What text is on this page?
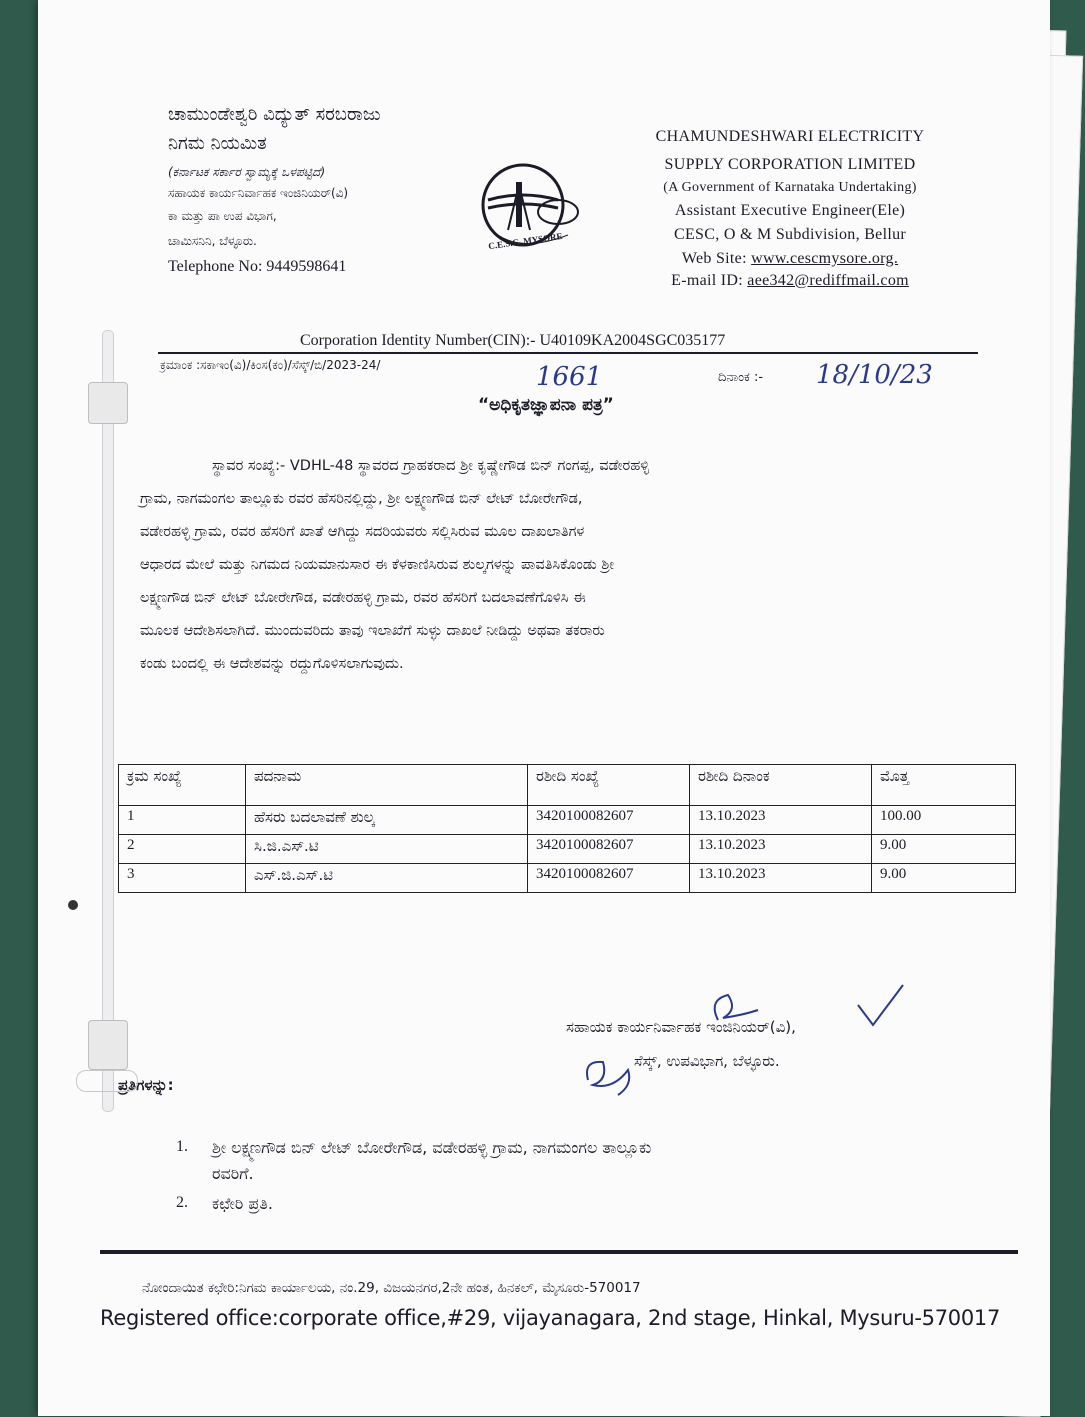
ಚಾಮುಂಡೇಶ್ವರಿ ವಿದ್ಯುತ್ ಸರಬರಾಜು
ನಿಗಮ ನಿಯಮಿತ
(ಕರ್ನಾಟಕ ಸರ್ಕಾರ ಸ್ವಾಮ್ಯಕ್ಕೆ ಒಳಪಟ್ಟಿದೆ)
ಸಹಾಯಕ ಕಾರ್ಯನಿರ್ವಾಹಕ ಇಂಜಿನಿಯರ್(ವಿ)
ಕಾ ಮತ್ತು ಪಾ ಉಪ ವಿಭಾಗ,
ಚಾಮಿಸನಿನಿ, ಬೆಳ್ಳೂರು.
Telephone No: 9449598641
C.E.S.C. MYSORE
CHAMUNDESHWARI ELECTRICITY
SUPPLY CORPORATION LIMITED
(A Government of Karnataka Undertaking)
Assistant Executive Engineer(Ele)
CESC, O & M Subdivision, Bellur
Web Site: www.cescmysore.org.
E-mail ID: aee342@rediffmail.com
Corporation Identity Number(CIN):- U40109KA2004SGC035177
ಕ್ರಮಾಂಕ :ಸಕಾಇಂ(ವಿ)/ಕಿಂಸ(ಕಂ)/ಸೆಸ್ಕ್/ಬಿ/2023-24/	1661	ದಿನಾಂಕ :- 18/10/23
“ಅಧಿಕೃತಜ್ಞಾಪನಾ ಪತ್ರ”
ಸ್ಥಾವರ ಸಂಖ್ಯೆ:- VDHL-48 ಸ್ಥಾವರದ ಗ್ರಾಹಕರಾದ ಶ್ರೀ ಕೃಷ್ಣೇಗೌಡ ಬಿನ್ ಗಂಗಪ್ಪ, ವಡೇರಹಳ್ಳಿ
ಗ್ರಾಮ, ನಾಗಮಂಗಲ ತಾಲ್ಲೂಕು ರವರ ಹೆಸರಿನಲ್ಲಿದ್ದು, ಶ್ರೀ ಲಕ್ಷ್ಮಣಗೌಡ ಬಿನ್ ಲೇಟ್ ಬೋರೇಗೌಡ,
ವಡೇರಹಳ್ಳಿ ಗ್ರಾಮ, ರವರ ಹೆಸರಿಗೆ ಖಾತೆ ಆಗಿದ್ದು ಸದರಿಯವರು ಸಲ್ಲಿಸಿರುವ ಮೂಲ ದಾಖಲಾತಿಗಳ
ಆಧಾರದ ಮೇಲೆ ಮತ್ತು ನಿಗಮದ ನಿಯಮಾನುಸಾರ ಈ ಕೆಳಕಾಣಿಸಿರುವ ಶುಲ್ಕಗಳನ್ನು ಪಾವತಿಸಿಕೊಂಡು ಶ್ರೀ
ಲಕ್ಷ್ಮಣಗೌಡ ಬಿನ್ ಲೇಟ್ ಬೋರೇಗೌಡ, ವಡೇರಹಳ್ಳಿ ಗ್ರಾಮ, ರವರ ಹೆಸರಿಗೆ ಬದಲಾವಣೆಗೊಳಿಸಿ ಈ
ಮೂಲಕ ಆದೇಶಿಸಲಾಗಿದೆ. ಮುಂದುವರಿದು ತಾವು ಇಲಾಖೆಗೆ ಸುಳ್ಳು ದಾಖಲೆ ನೀಡಿದ್ದು ಅಥವಾ ತಕರಾರು
ಕಂಡು ಬಂದಲ್ಲಿ ಈ ಆದೇಶವನ್ನು ರದ್ದುಗೊಳಿಸಲಾಗುವುದು.
ಕ್ರಮ ಸಂಖ್ಯೆ	ಪದನಾಮ	ರಶೀದಿ ಸಂಖ್ಯೆ	ರಶೀದಿ ದಿನಾಂಕ	ಮೊತ್ತ
1	ಹೆಸರು ಬದಲಾವಣೆ ಶುಲ್ಕ	3420100082607	13.10.2023	100.00
2	ಸಿ.ಜಿ.ಎಸ್.ಟಿ	3420100082607	13.10.2023	9.00
3	ಎಸ್.ಜಿ.ಎಸ್.ಟಿ	3420100082607	13.10.2023	9.00
ಸಹಾಯಕ ಕಾರ್ಯನಿರ್ವಾಹಕ ಇಂಜಿನಿಯರ್(ವಿ),
ಸೆಸ್ಕ್, ಉಪವಿಭಾಗ, ಬೆಳ್ಳೂರು.
ಪ್ರತಿಗಳನ್ನು:
1.	ಶ್ರೀ ಲಕ್ಷ್ಮಣಗೌಡ ಬಿನ್ ಲೇಟ್ ಬೋರೇಗೌಡ, ವಡೇರಹಳ್ಳಿ ಗ್ರಾಮ, ನಾಗಮಂಗಲ ತಾಲ್ಲೂಕು
ರವರಿಗೆ.
2.	ಕಛೇರಿ ಪ್ರತಿ.
ನೋಂದಾಯಿತ ಕಛೇರಿ:ನಿಗಮ ಕಾರ್ಯಾಲಯ, ನಂ.29, ವಿಜಯನಗರ,2ನೇ ಹಂತ, ಹಿನಕಲ್, ಮೈಸೂರು-570017
Registered office:corporate office,#29, vijayanagara, 2nd stage, Hinkal, Mysuru-570017
